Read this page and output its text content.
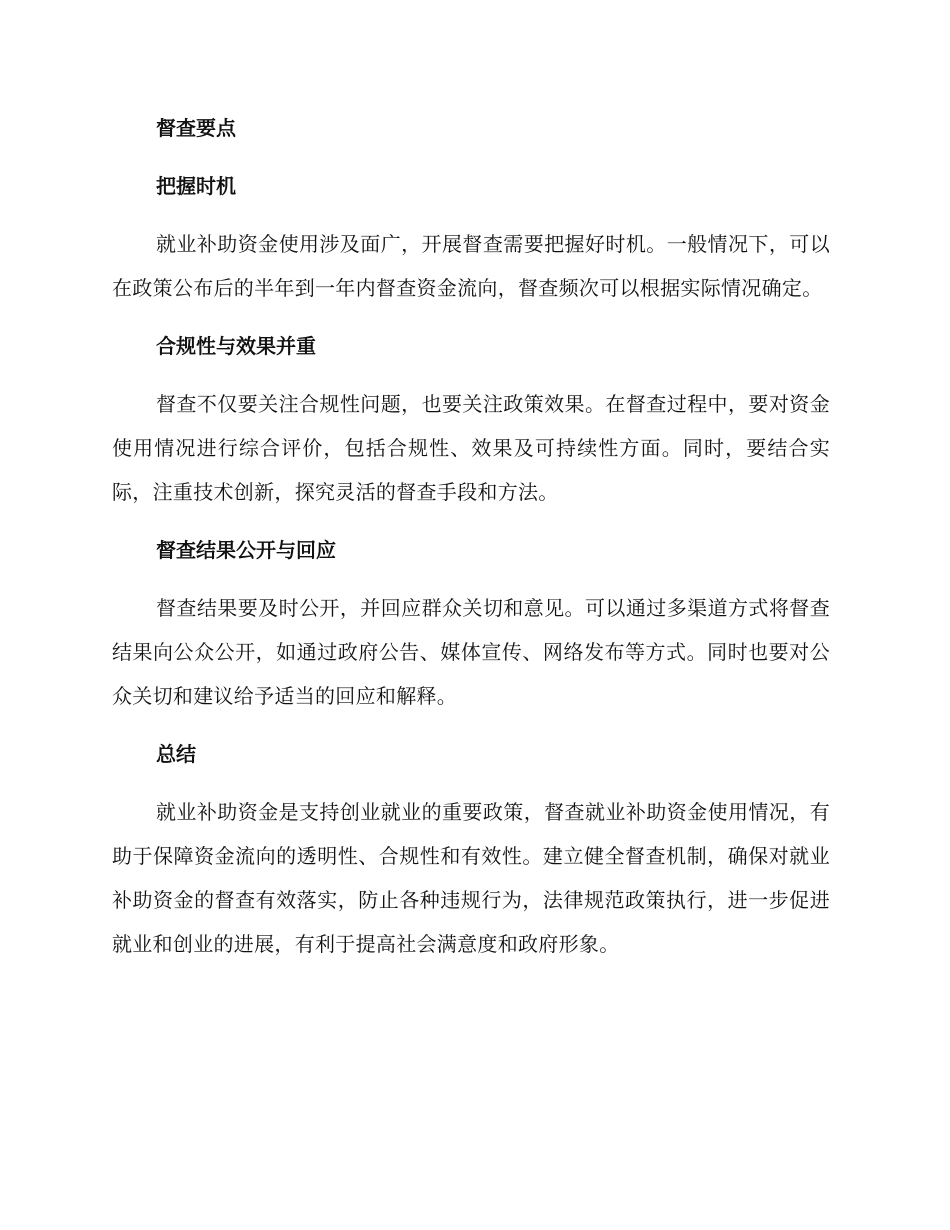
督查要点
把握时机

就业补助资金使用涉及面广，开展督查需要把握好时机。一般情况下，可以在政策公布后的半年到一年内督查资金流向，督查频次可以根据实际情况确定。

合规性与效果并重

督查不仅要关注合规性问题，也要关注政策效果。在督查过程中，要对资金使用情况进行综合评价，包括合规性、效果及可持续性方面。同时，要结合实际，注重技术创新，探究灵活的督查手段和方法。

督查结果公开与回应

督查结果要及时公开，并回应群众关切和意见。可以通过多渠道方式将督查结果向公众公开，如通过政府公告、媒体宣传、网络发布等方式。同时也要对公众关切和建议给予适当的回应和解释。

总结

就业补助资金是支持创业就业的重要政策，督查就业补助资金使用情况，有助于保障资金流向的透明性、合规性和有效性。建立健全督查机制，确保对就业补助资金的督查有效落实，防止各种违规行为，法律规范政策执行，进一步促进就业和创业的进展，有利于提高社会满意度和政府形象。
